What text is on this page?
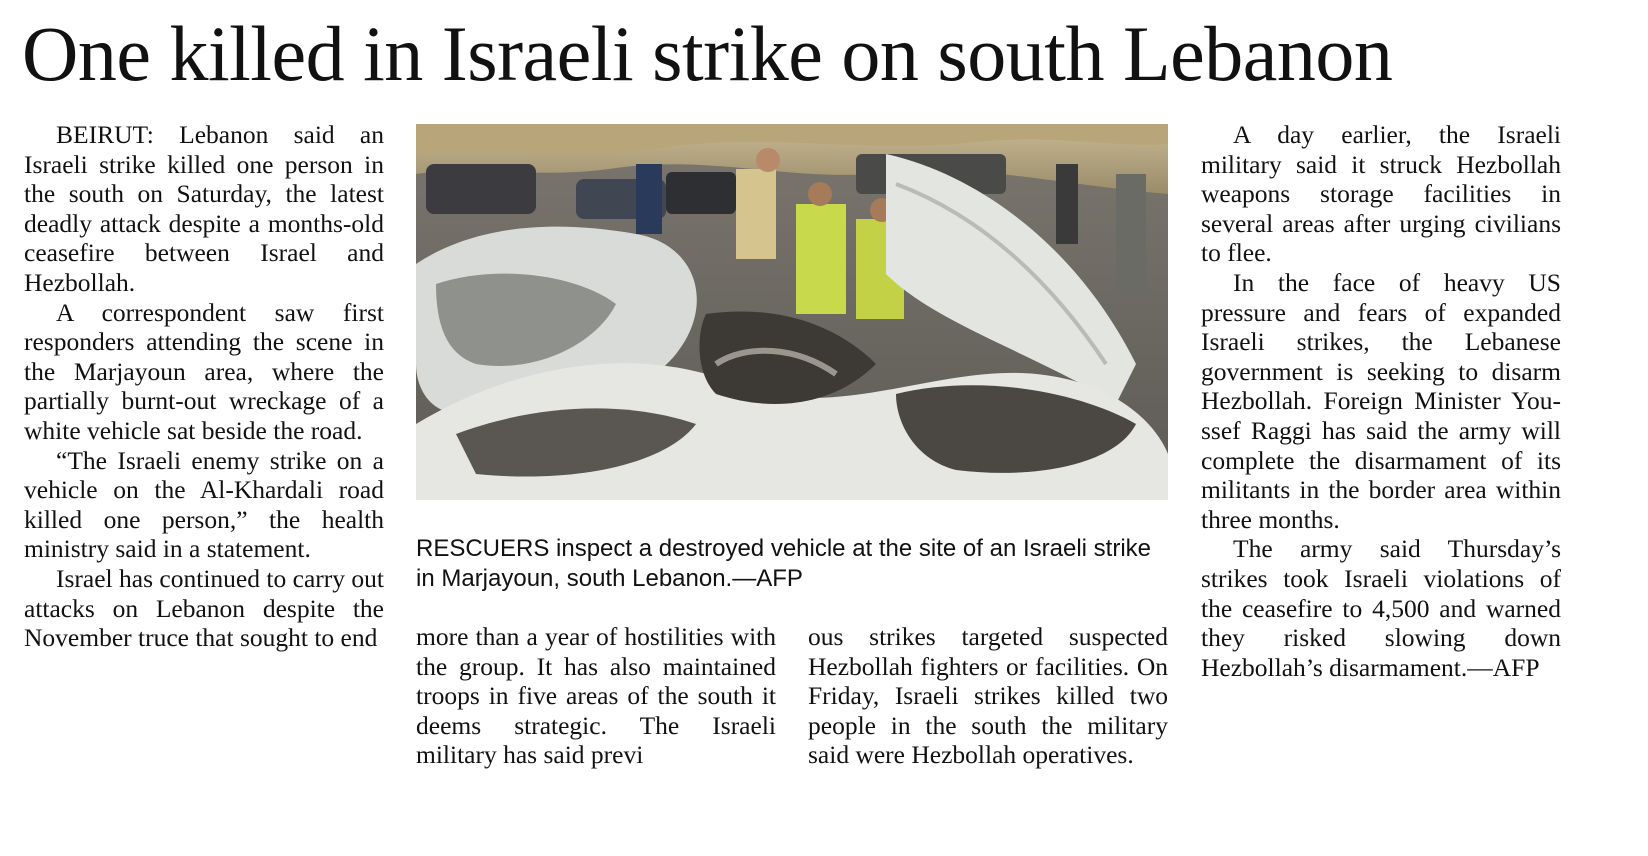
One killed in Israeli strike on south Lebanon

BEIRUT: Lebanon said an Israeli strike killed one person in the south on Saturday, the latest deadly attack despite a months-old ceasefire between Israel and Hezbollah.

A correspondent saw first responders attending the scene in the Marjayoun area, where the partially burnt-out wreckage of a white vehicle sat beside the road.

“The Israeli enemy strike on a vehicle on the Al-Khardali road killed one person,” the health ministry said in a statement.

Israel has continued to carry out attacks on Lebanon despite the November truce that sought to end

RESCUERS inspect a destroyed vehicle at the site of an Israeli strike in Marjayoun, south Lebanon.—AFP

more than a year of hostilities with the group. It has also maintained troops in five areas of the south it deems strategic. The Israeli military has said previ

ous strikes targeted suspected Hezbollah fighters or facilities. On Friday, Israeli strikes killed two people in the south the military said were Hezbollah operatives.

A day earlier, the Israeli military said it struck Hezbollah weapons storage facilities in several areas after urging civilians to flee.

In the face of heavy US pressure and fears of expanded Israeli strikes, the Lebanese government is seeking to disarm Hezbollah. Foreign Minister Youssef Raggi has said the army will complete the disarmament of its militants in the border area within three months.

The army said Thursday’s strikes took Israeli violations of the ceasefire to 4,500 and warned they risked slowing down Hezbollah’s disarmament.—AFP
